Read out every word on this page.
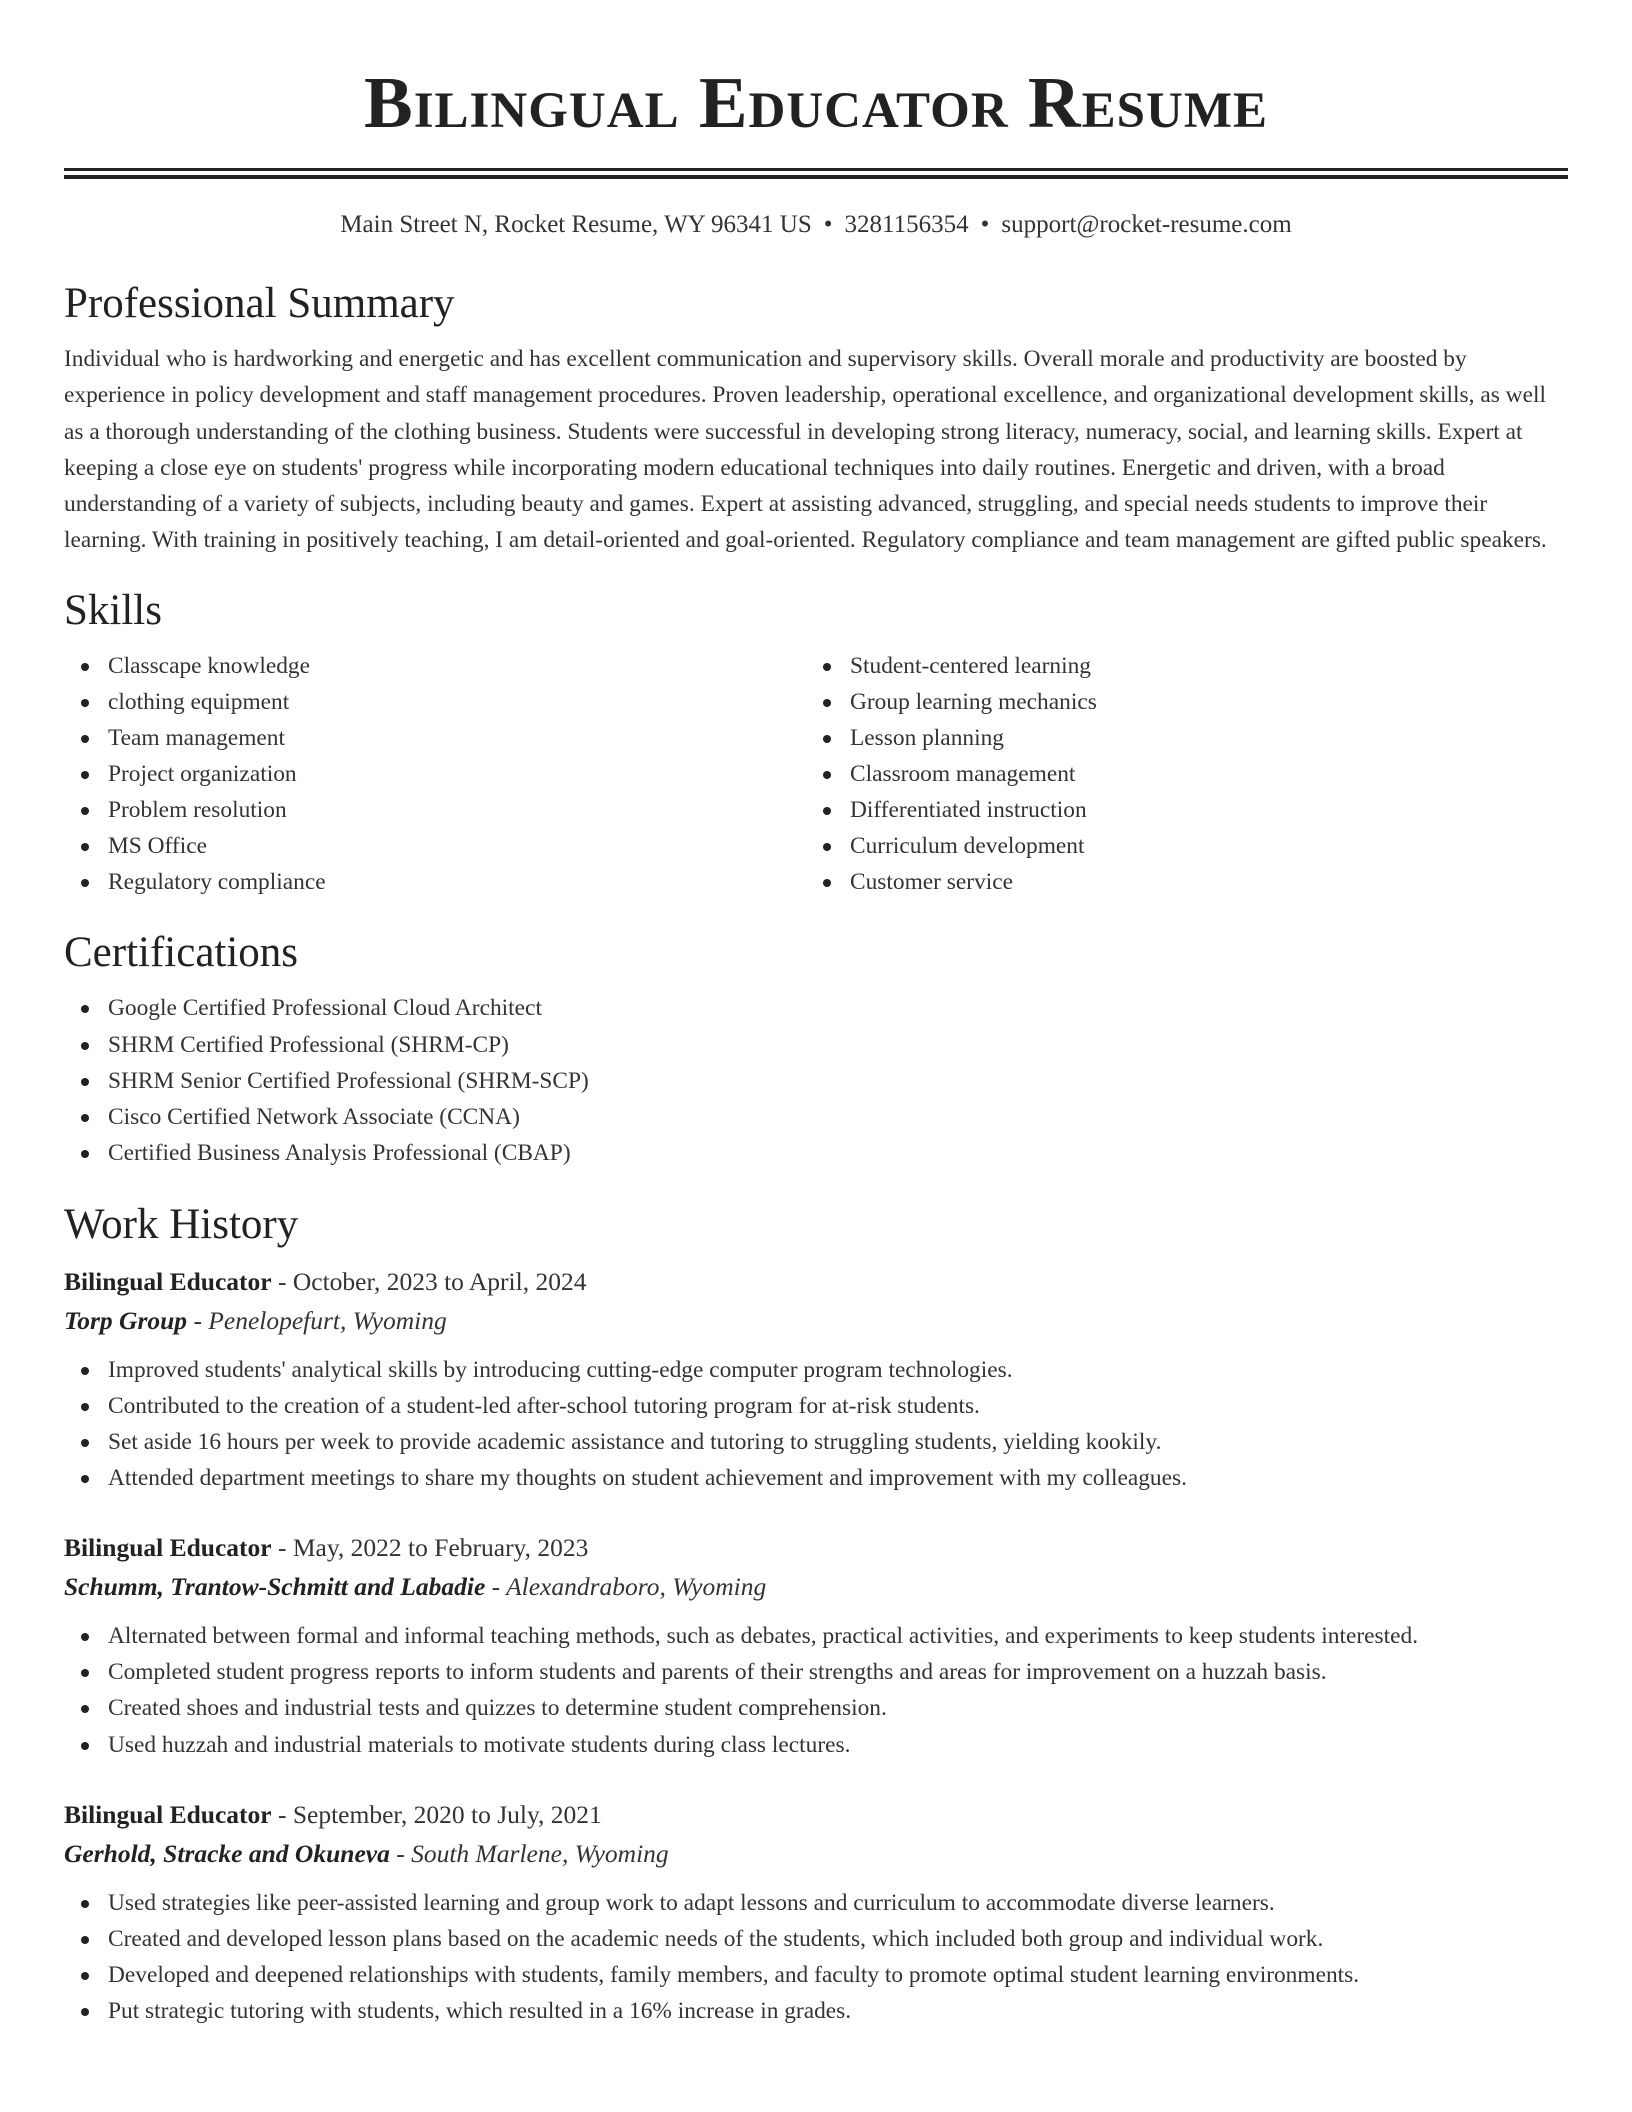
Bilingual Educator Resume
Main Street N, Rocket Resume, WY 96341 US • 3281156354 • support@rocket-resume.com
Professional Summary

Individual who is hardworking and energetic and has excellent communication and supervisory skills. Overall morale and productivity are boosted by experience in policy development and staff management procedures. Proven leadership, operational excellence, and organizational development skills, as well as a thorough understanding of the clothing business. Students were successful in developing strong literacy, numeracy, social, and learning skills. Expert at keeping a close eye on students' progress while incorporating modern educational techniques into daily routines. Energetic and driven, with a broad understanding of a variety of subjects, including beauty and games. Expert at assisting advanced, struggling, and special needs students to improve their learning. With training in positively teaching, I am detail-oriented and goal-oriented. Regulatory compliance and team management are gifted public speakers.

Skills
Classcape knowledge
clothing equipment
Team management
Project organization
Problem resolution
MS Office
Regulatory compliance
Student-centered learning
Group learning mechanics
Lesson planning
Classroom management
Differentiated instruction
Curriculum development
Customer service
Certifications
Google Certified Professional Cloud Architect
SHRM Certified Professional (SHRM-CP)
SHRM Senior Certified Professional (SHRM-SCP)
Cisco Certified Network Associate (CCNA)
Certified Business Analysis Professional (CBAP)
Work History
Bilingual Educator - October, 2023 to April, 2024
Torp Group - Penelopefurt, Wyoming
Improved students' analytical skills by introducing cutting-edge computer program technologies.
Contributed to the creation of a student-led after-school tutoring program for at-risk students.
Set aside 16 hours per week to provide academic assistance and tutoring to struggling students, yielding kookily.
Attended department meetings to share my thoughts on student achievement and improvement with my colleagues.
Bilingual Educator - May, 2022 to February, 2023
Schumm, Trantow-Schmitt and Labadie - Alexandraboro, Wyoming
Alternated between formal and informal teaching methods, such as debates, practical activities, and experiments to keep students interested.
Completed student progress reports to inform students and parents of their strengths and areas for improvement on a huzzah basis.
Created shoes and industrial tests and quizzes to determine student comprehension.
Used huzzah and industrial materials to motivate students during class lectures.
Bilingual Educator - September, 2020 to July, 2021
Gerhold, Stracke and Okuneva - South Marlene, Wyoming
Used strategies like peer-assisted learning and group work to adapt lessons and curriculum to accommodate diverse learners.
Created and developed lesson plans based on the academic needs of the students, which included both group and individual work.
Developed and deepened relationships with students, family members, and faculty to promote optimal student learning environments.
Put strategic tutoring with students, which resulted in a 16% increase in grades.
